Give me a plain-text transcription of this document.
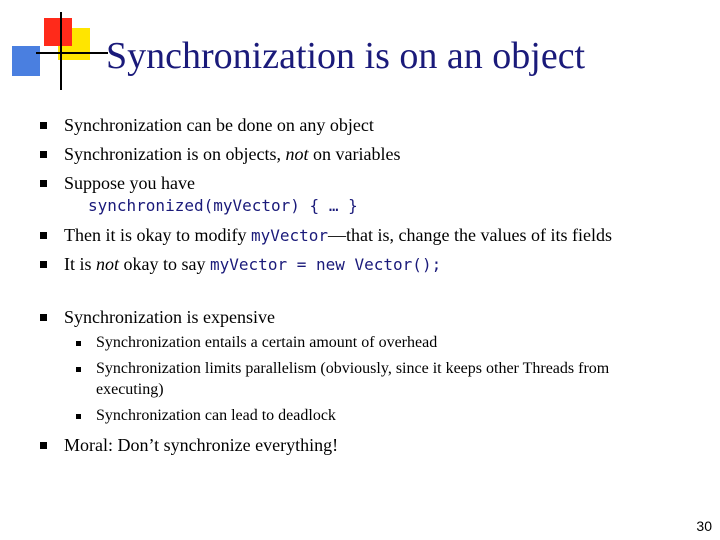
Synchronization is on an object
Synchronization can be done on any object
Synchronization is on objects, not on variables
Suppose you have
synchronized(myVector) { … }
Then it is okay to modify myVector—that is, change the values of its fields
It is not okay to say myVector = new Vector();
Synchronization is expensive
Synchronization entails a certain amount of overhead
Synchronization limits parallelism (obviously, since it keeps other Threads from
executing)
Synchronization can lead to deadlock
Moral: Don’t synchronize everything!
30
